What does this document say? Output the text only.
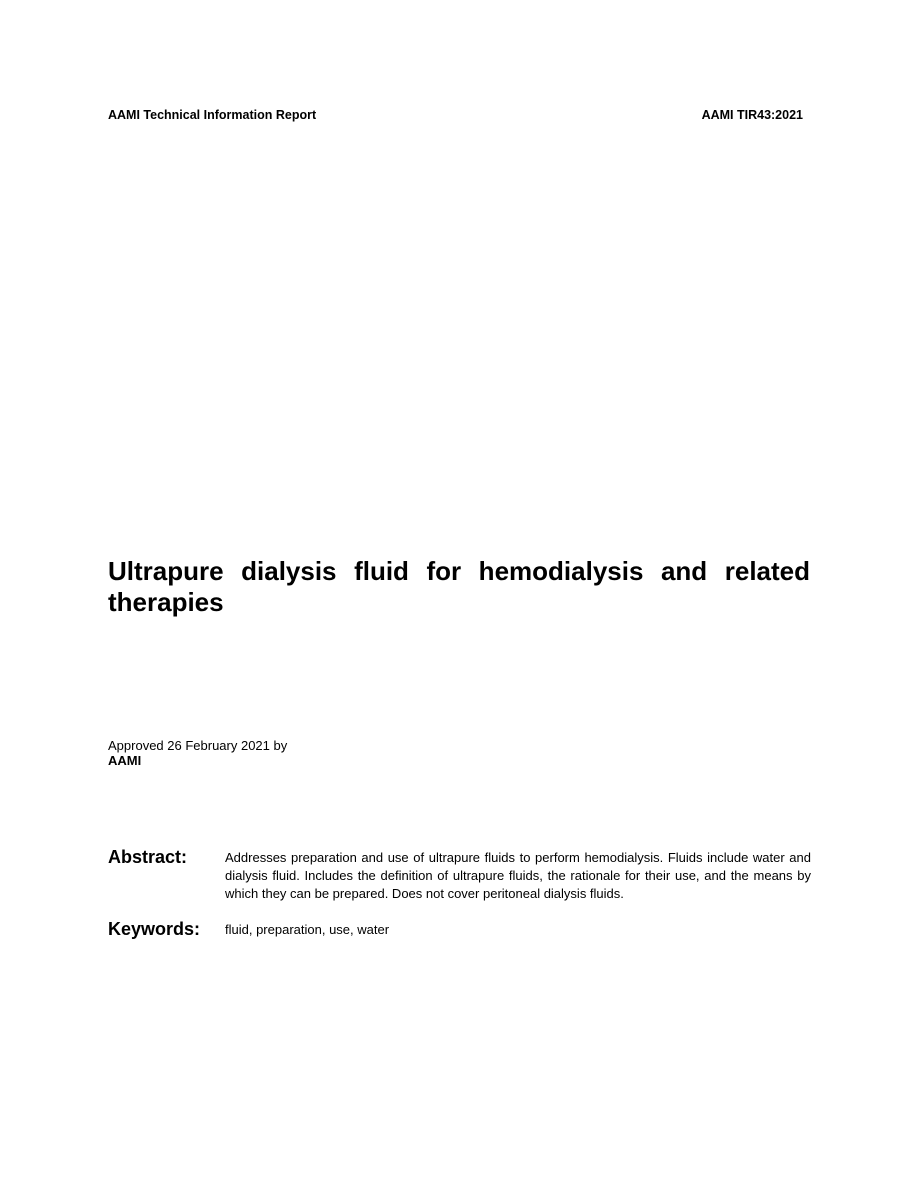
AAMI Technical Information Report	AAMI TIR43:2021
Ultrapure dialysis fluid for hemodialysis and related therapies
Approved 26 February 2021 by
AAMI
Abstract:	Addresses preparation and use of ultrapure fluids to perform hemodialysis. Fluids include water and dialysis fluid. Includes the definition of ultrapure fluids, the rationale for their use, and the means by which they can be prepared. Does not cover peritoneal dialysis fluids.
Keywords:	fluid, preparation, use, water
